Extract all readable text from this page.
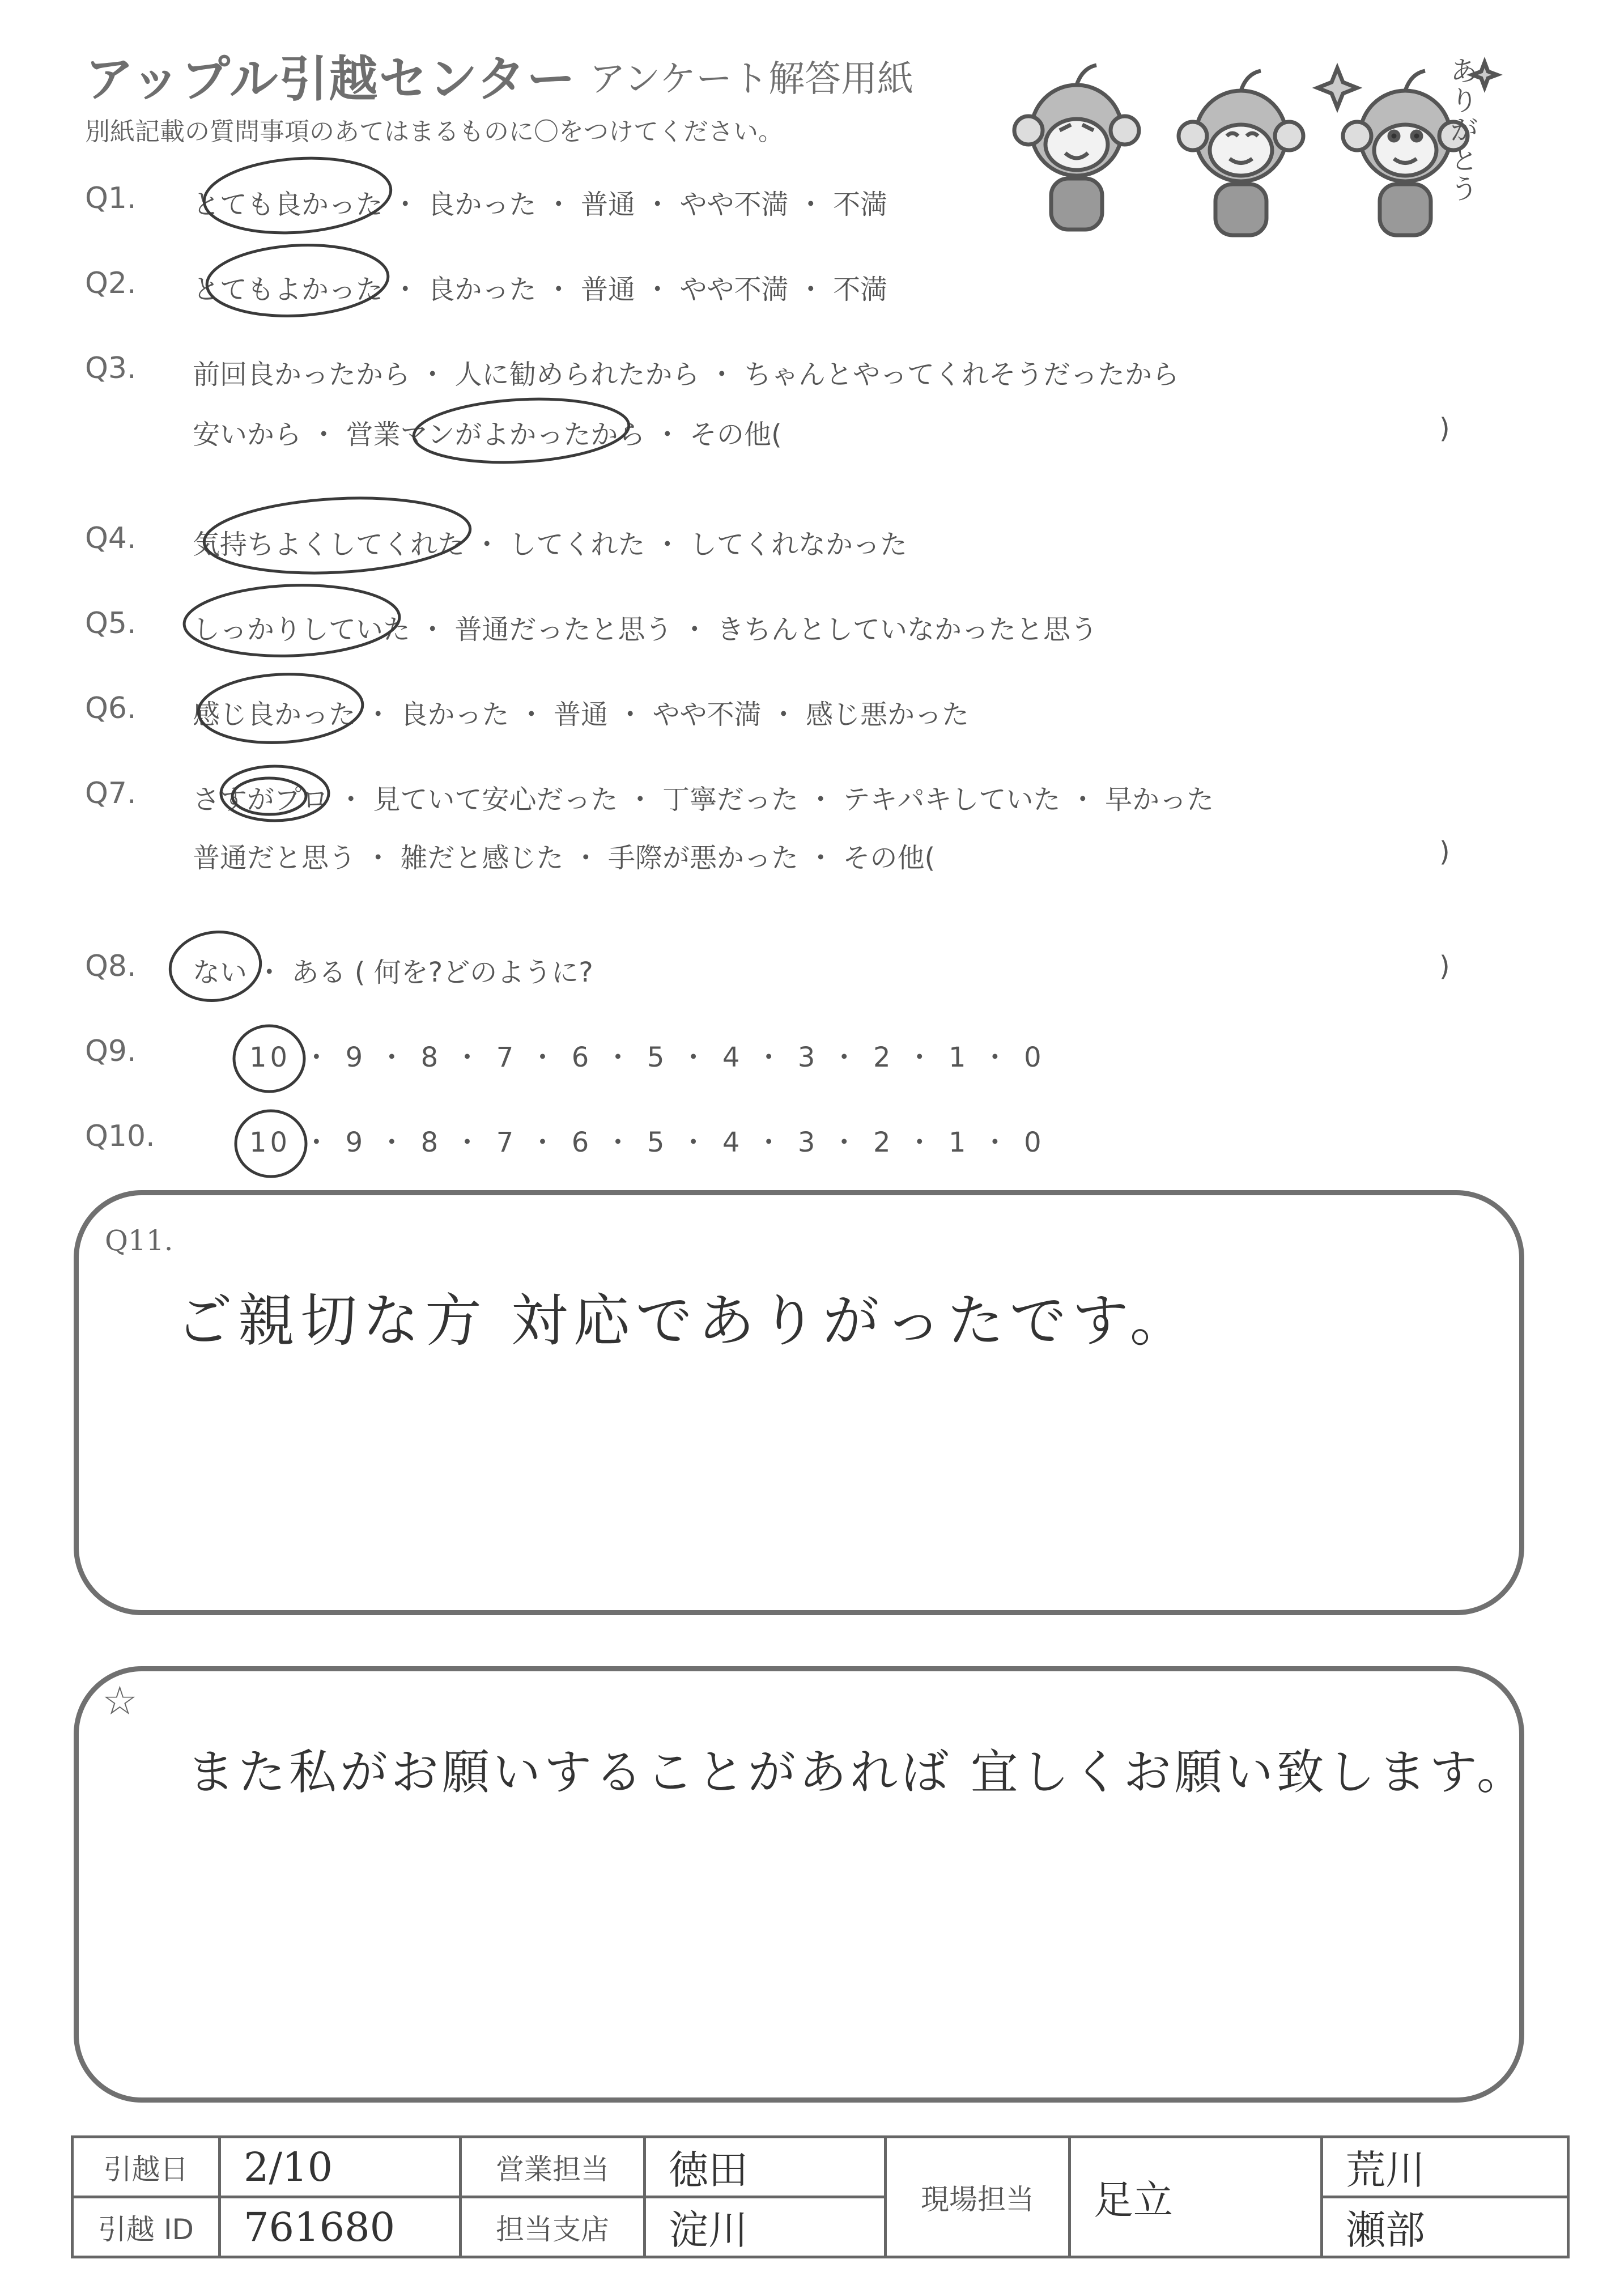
アップル引越センター アンケート解答用紙
別紙記載の質問事項のあてはまるものに〇をつけてください。
ありがとう
Q1. とても良かった ・ 良かった ・ 普通 ・ やや不満 ・ 不満
Q2. とてもよかった ・ 良かった ・ 普通 ・ やや不満 ・ 不満
Q3. 前回良かったから ・ 人に勧められたから ・ ちゃんとやってくれそうだったから
安いから ・ 営業マンがよかったから ・ その他(	)
Q4. 気持ちよくしてくれた ・ してくれた ・ してくれなかった
Q5. しっかりしていた ・ 普通だったと思う ・ きちんとしていなかったと思う
Q6. 感じ良かった ・ 良かった ・ 普通 ・ やや不満 ・ 感じ悪かった
Q7. さすがプロ ・ 見ていて安心だった ・ 丁寧だった ・ テキパキしていた ・ 早かった
普通だと思う ・ 雑だと感じた ・ 手際が悪かった ・ その他(	)
Q8. ない ・ ある ( 何を?どのように?	)
Q9.	10 ・ 9 ・ 8 ・ 7 ・ 6 ・ 5 ・ 4 ・ 3 ・ 2 ・ 1 ・ 0
Q10.	10 ・ 9 ・ 8 ・ 7 ・ 6 ・ 5 ・ 4 ・ 3 ・ 2 ・ 1 ・ 0
Q11.
ご親切な方 対応でありがったです。
☆
また私がお願いすることがあれば 宜しくお願い致します。
引越日	2/10	営業担当	徳田	現場担当	足立	荒川
引越 ID	761680	担当支店	淀川			瀬部
